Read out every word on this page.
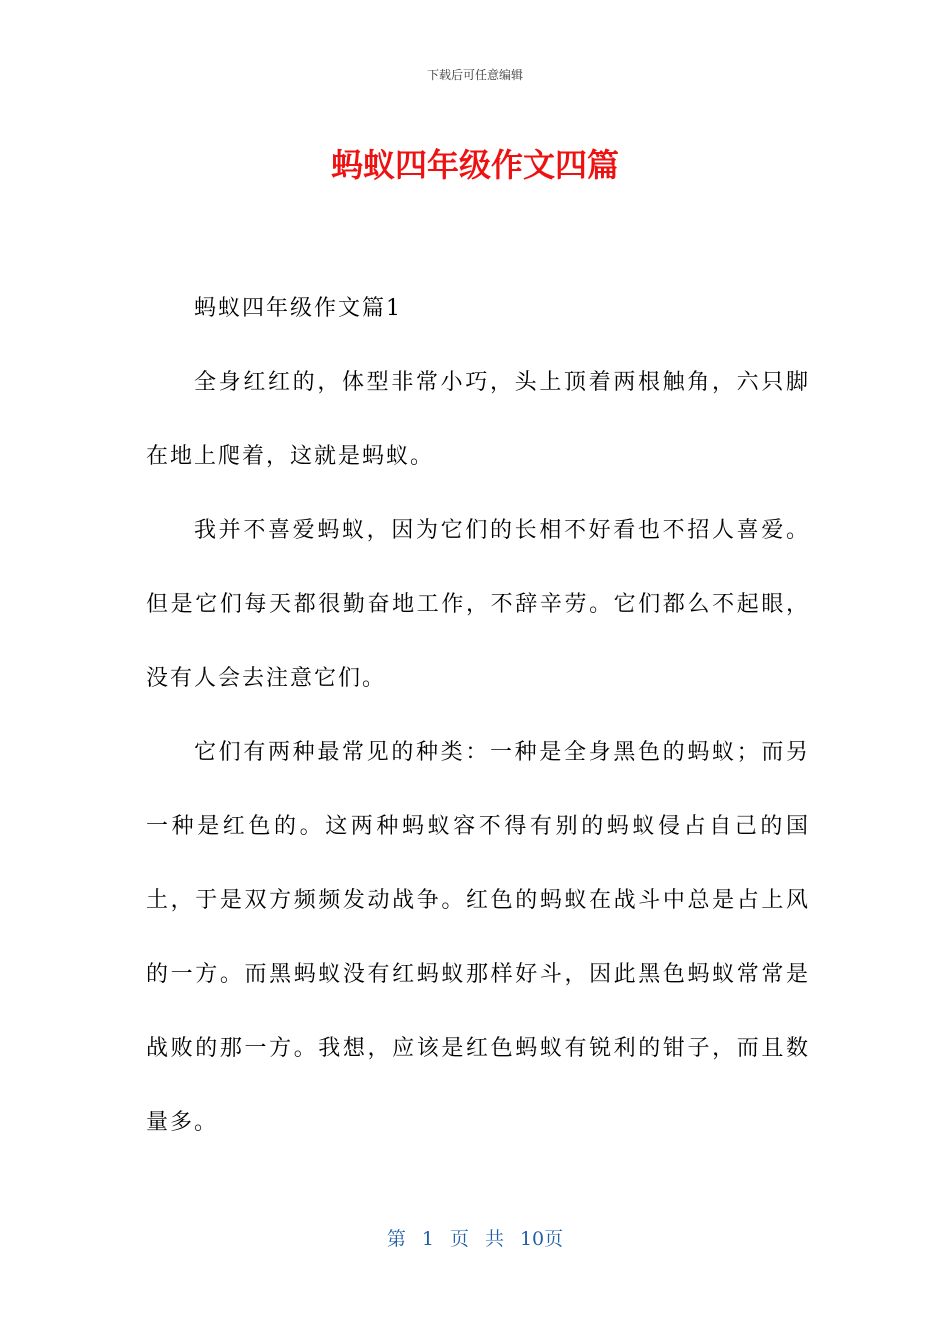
下载后可任意编辑
蚂蚁四年级作文四篇

蚂蚁四年级作文篇1

全身红红的，体型非常小巧，头上顶着两根触角，六只脚在地上爬着，这就是蚂蚁。

我并不喜爱蚂蚁，因为它们的长相不好看也不招人喜爱。但是它们每天都很勤奋地工作，不辞辛劳。它们都么不起眼，没有人会去注意它们。

它们有两种最常见的种类：一种是全身黑色的蚂蚁；而另一种是红色的。这两种蚂蚁容不得有别的蚂蚁侵占自己的国土，于是双方频频发动战争。红色的蚂蚁在战斗中总是占上风的一方。而黑蚂蚁没有红蚂蚁那样好斗，因此黑色蚂蚁常常是战败的那一方。我想，应该是红色蚂蚁有锐利的钳子，而且数量多。

第 1 页 共 10页
